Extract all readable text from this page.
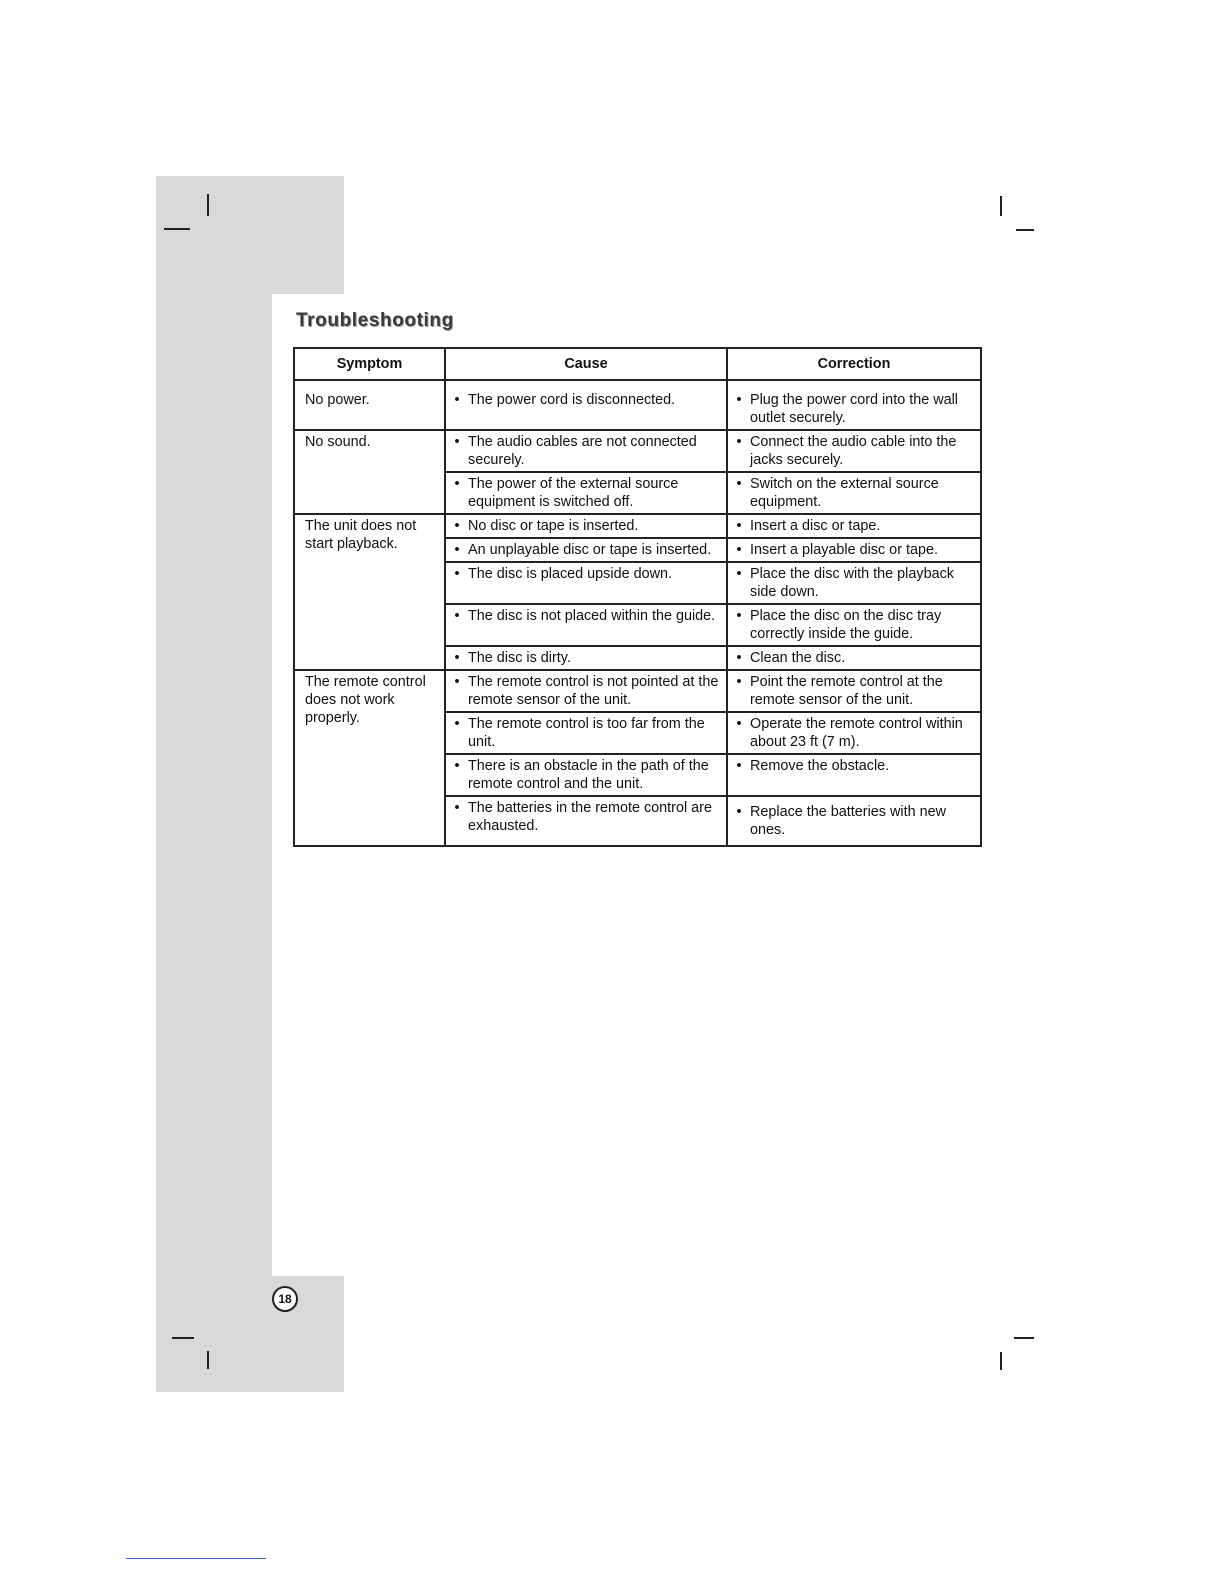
Troubleshooting
Symptom	Cause	Correction
No power.	• The power cord is disconnected.	• Plug the power cord into the wall outlet securely.

No sound.	• The audio cables are not connected securely.	• Connect the audio cable into the jacks securely.

	• The power of the external source equipment is switched off.	• Switch on the external source equipment.

The unit does not start playback.	• No disc or tape is inserted.	• Insert a disc or tape.

	• An unplayable disc or tape is inserted.	• Insert a playable disc or tape.

	• The disc is placed upside down.	• Place the disc with the playback side down.

	• The disc is not placed within the guide.	• Place the disc on the disc tray correctly inside the guide.

	• The disc is dirty.	• Clean the disc.

The remote control does not work properly.	• The remote control is not pointed at the remote sensor of the unit.	• Point the remote control at the remote sensor of the unit.

	• The remote control is too far from the unit.	• Operate the remote control within about 23 ft (7 m).

	• There is an obstacle in the path of the remote control and the unit.	• Remove the obstacle.

	• The batteries in the remote control are exhausted.	• Replace the batteries with new ones.
18
